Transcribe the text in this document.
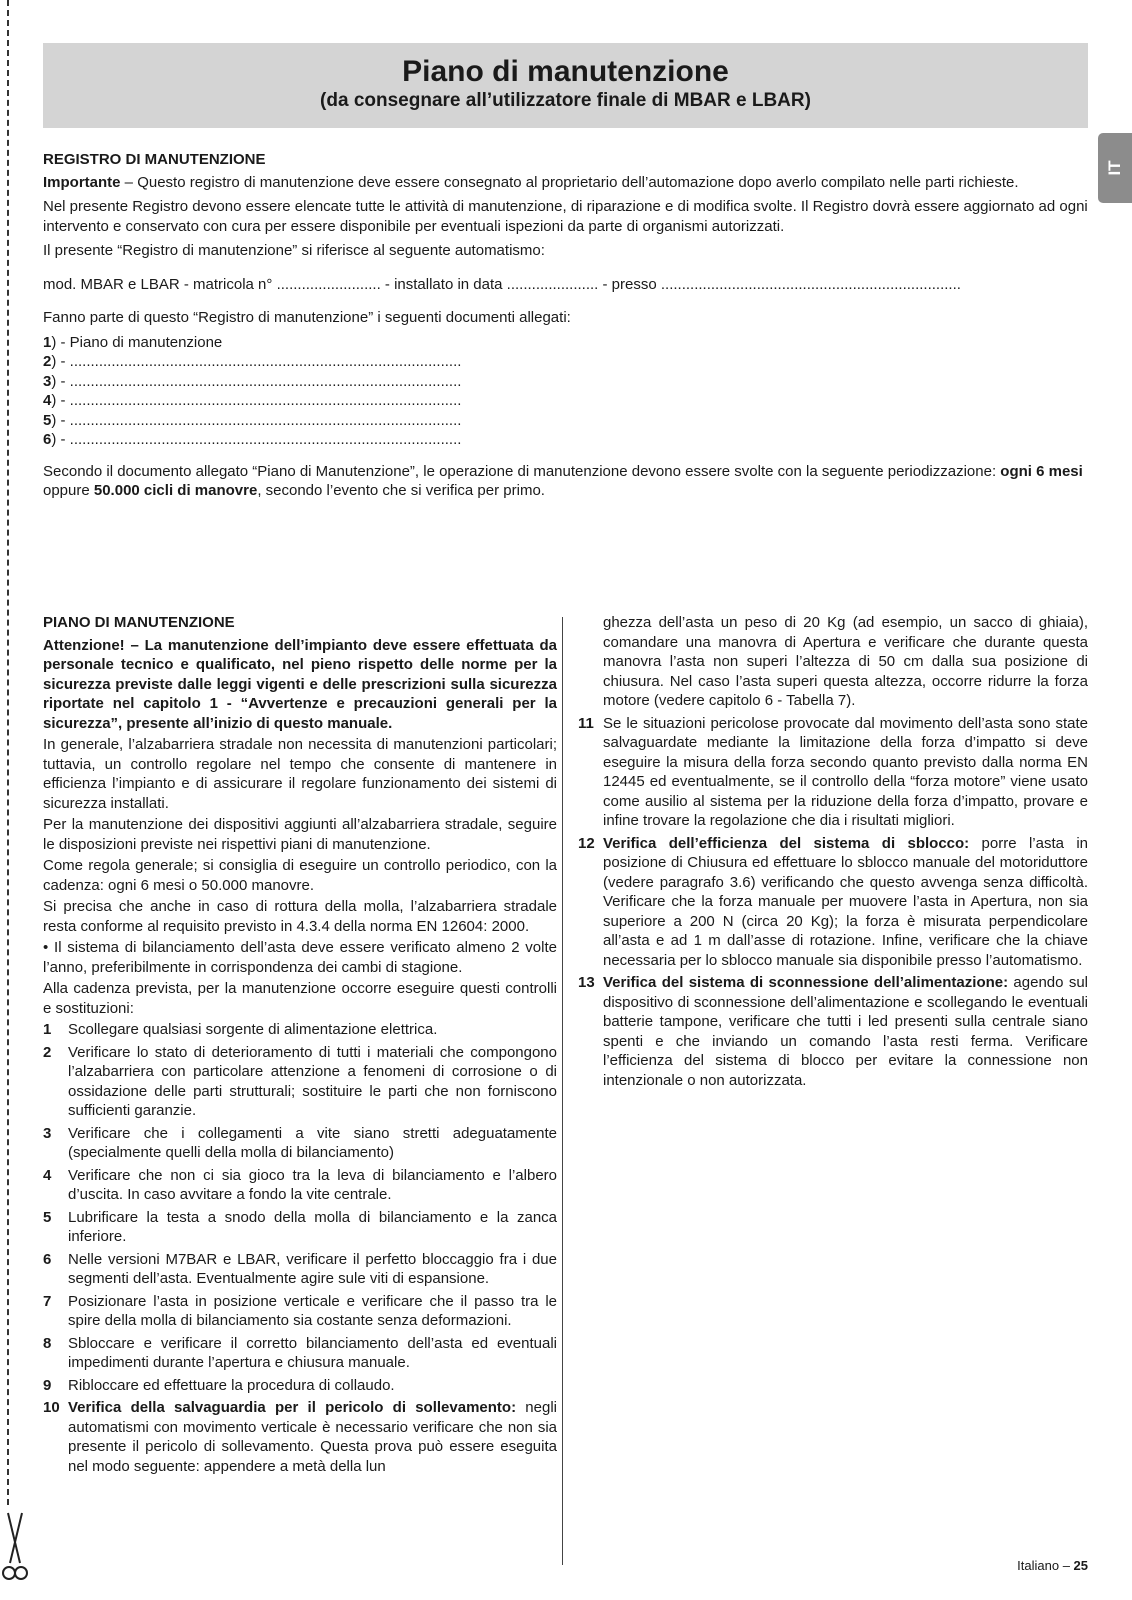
Piano di manutenzione
(da consegnare all’utilizzatore finale di MBAR e LBAR)
IT
REGISTRO DI MANUTENZIONE

Importante – Questo registro di manutenzione deve essere consegnato al proprietario dell’automazione dopo averlo compilato nelle parti richieste.

Nel presente Registro devono essere elencate tutte le attività di manutenzione, di riparazione e di modifica svolte. Il Registro dovrà essere aggiornato ad ogni intervento e conservato con cura per essere disponibile per eventuali ispezioni da parte di organismi autorizzati.

Il presente “Registro di manutenzione” si riferisce al seguente automatismo:

mod. MBAR e LBAR - matricola n° ......................... - installato in data ...................... - presso ........................................................................

Fanno parte di questo “Registro di manutenzione” i seguenti documenti allegati:

1) - Piano di manutenzione
2) - ..............................................................................................
3) - ..............................................................................................
4) - ..............................................................................................
5) - ..............................................................................................
6) - ..............................................................................................

Secondo il documento allegato “Piano di Manutenzione”, le operazione di manutenzione devono essere svolte con la seguente periodizzazione: ogni 6 mesi oppure 50.000 cicli di manovre, secondo l’evento che si verifica per primo.

PIANO DI MANUTENZIONE

Attenzione! – La manutenzione dell’impianto deve essere effettuata da personale tecnico e qualificato, nel pieno rispetto delle norme per la sicurezza previste dalle leggi vigenti e delle prescrizioni sulla sicurezza riportate nel capitolo 1 - “Avvertenze e precauzioni generali per la sicurezza”, presente all’inizio di questo manuale.

In generale, l’alzabarriera stradale non necessita di manutenzioni particolari; tuttavia, un controllo regolare nel tempo che consente di mantenere in efficienza l’impianto e di assicurare il regolare funzionamento dei sistemi di sicurezza installati.

Per la manutenzione dei dispositivi aggiunti all’alzabarriera stradale, seguire le disposizioni previste nei rispettivi piani di manutenzione.

Come regola generale; si consiglia di eseguire un controllo periodico, con la cadenza: ogni 6 mesi o 50.000 manovre.

Si precisa che anche in caso di rottura della molla, l’alzabarriera stradale resta conforme al requisito previsto in 4.3.4 della norma EN 12604: 2000.

• Il sistema di bilanciamento dell’asta deve essere verificato almeno 2 volte l’anno, preferibilmente in corrispondenza dei cambi di stagione.

Alla cadenza prevista, per la manutenzione occorre eseguire questi controlli e sostituzioni:

1 Scollegare qualsiasi sorgente di alimentazione elettrica.
2 Verificare lo stato di deterioramento di tutti i materiali che compongono l’alzabarriera con particolare attenzione a fenomeni di corrosione o di ossidazione delle parti strutturali; sostituire le parti che non forniscono sufficienti garanzie.
3 Verificare che i collegamenti a vite siano stretti adeguatamente (specialmente quelli della molla di bilanciamento)
4 Verificare che non ci sia gioco tra la leva di bilanciamento e l’albero d’uscita. In caso avvitare a fondo la vite centrale.
5 Lubrificare la testa a snodo della molla di bilanciamento e la zanca inferiore.
6 Nelle versioni M7BAR e LBAR, verificare il perfetto bloccaggio fra i due segmenti dell’asta. Eventualmente agire sule viti di espansione.
7 Posizionare l’asta in posizione verticale e verificare che il passo tra le spire della molla di bilanciamento sia costante senza deformazioni.
8 Sbloccare e verificare il corretto bilanciamento dell’asta ed eventuali impedimenti durante l’apertura e chiusura manuale.
9 Ribloccare ed effettuare la procedura di collaudo.
10 Verifica della salvaguardia per il pericolo di sollevamento: negli automatismi con movimento verticale è necessario verificare che non sia presente il pericolo di sollevamento. Questa prova può essere eseguita nel modo seguente: appendere a metà della lun

ghezza dell’asta un peso di 20 Kg (ad esempio, un sacco di ghiaia), comandare una manovra di Apertura e verificare che durante questa manovra l’asta non superi l’altezza di 50 cm dalla sua posizione di chiusura. Nel caso l’asta superi questa altezza, occorre ridurre la forza motore (vedere capitolo 6 - Tabella 7).

11 Se le situazioni pericolose provocate dal movimento dell’asta sono state salvaguardate mediante la limitazione della forza d’impatto si deve eseguire la misura della forza secondo quanto previsto dalla norma EN 12445 ed eventualmente, se il controllo della “forza motore” viene usato come ausilio al sistema per la riduzione della forza d’impatto, provare e infine trovare la regolazione che dia i risultati migliori.
12 Verifica dell’efficienza del sistema di sblocco: porre l’asta in posizione di Chiusura ed effettuare lo sblocco manuale del motoriduttore (vedere paragrafo 3.6) verificando che questo avvenga senza difficoltà. Verificare che la forza manuale per muovere l’asta in Apertura, non sia superiore a 200 N (circa 20 Kg); la forza è misurata perpendicolare all’asta e ad 1 m dall’asse di rotazione. Infine, verificare che la chiave necessaria per lo sblocco manuale sia disponibile presso l’automatismo.
13 Verifica del sistema di sconnessione dell’alimentazione: agendo sul dispositivo di sconnessione dell’alimentazione e scollegando le eventuali batterie tampone, verificare che tutti i led presenti sulla centrale siano spenti e che inviando un comando l’asta resti ferma. Verificare l’efficienza del sistema di blocco per evitare la connessione non intenzionale o non autorizzata.
Italiano – 25
